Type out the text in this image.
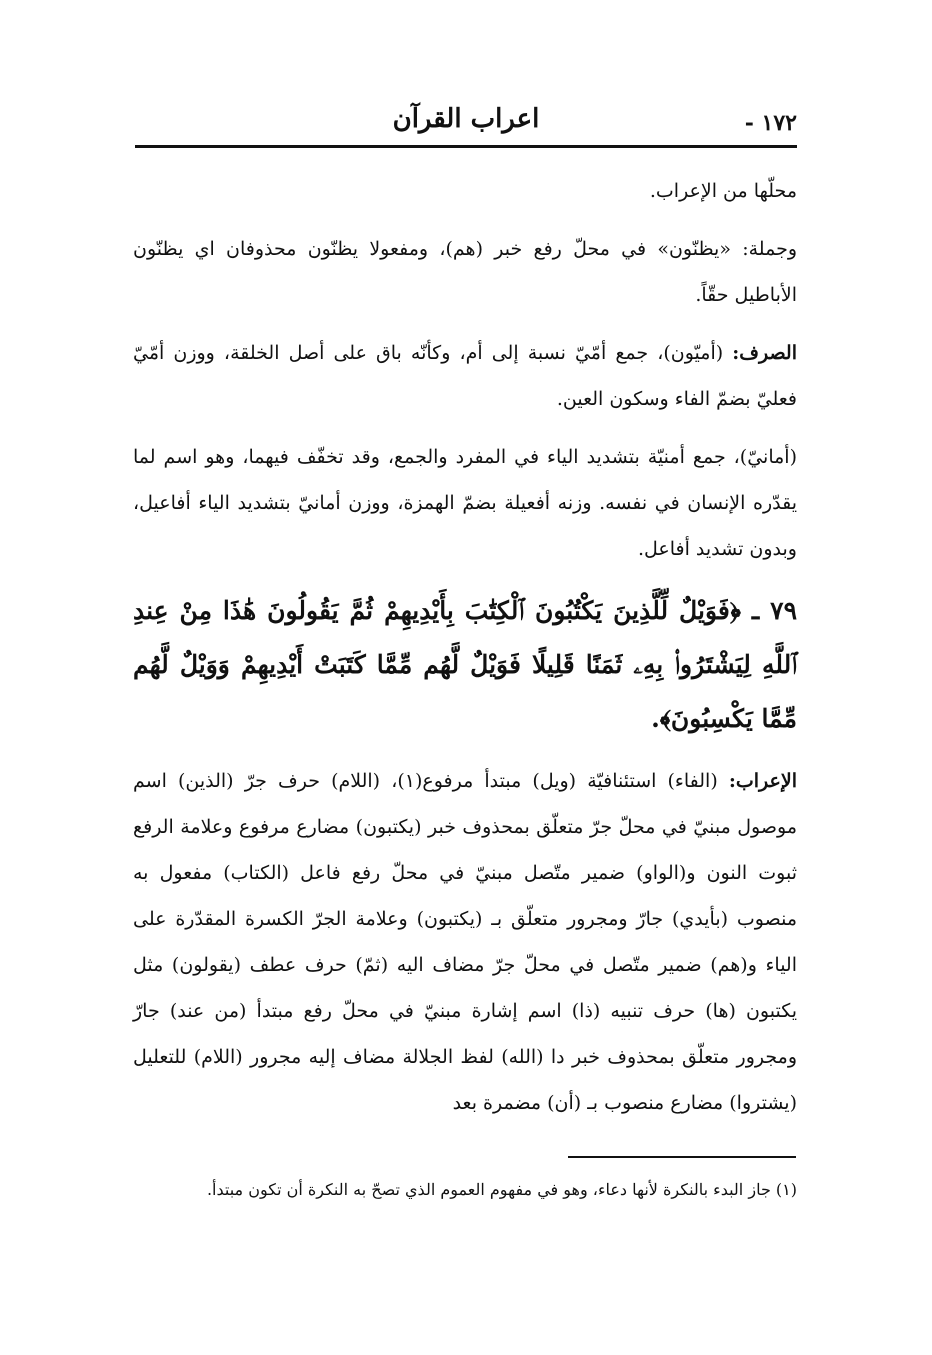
١٧٢ -
اعراب القرآن

محلّها من الإعراب.

وجملة: «يظنّون» في محلّ رفع خبر (هم)، ومفعولا يظنّون محذوفان اي يظنّون الأباطيل حقّاً.

الصرف: (أميّون)، جمع أمّيّ نسبة إلى أم، وكأنّه باق على أصل الخلقة، ووزن أمّيّ فعليّ بضمّ الفاء وسكون العين.

(أمانيّ)، جمع أمنيّة بتشديد الياء في المفرد والجمع، وقد تخفّف فيهما، وهو اسم لما يقدّره الإنسان في نفسه. وزنه أفعيلة بضمّ الهمزة، ووزن أمانيّ بتشديد الياء أفاعيل، وبدون تشديد أفاعل.

٧٩ ـ ﴿فَوَيْلٌ لِّلَّذِينَ يَكْتُبُونَ ٱلْكِتَٰبَ بِأَيْدِيهِمْ ثُمَّ يَقُولُونَ هَٰذَا مِنْ عِندِ ٱللَّهِ لِيَشْتَرُوا۟ بِهِۦ ثَمَنًا قَلِيلًا فَوَيْلٌ لَّهُم مِّمَّا كَتَبَتْ أَيْدِيهِمْ وَوَيْلٌ لَّهُم مِّمَّا يَكْسِبُونَ﴾.

الإعراب: (الفاء) استئنافيّة (ويل) مبتدأ مرفوع(١)، (اللام) حرف جرّ (الذين) اسم موصول مبنيّ في محلّ جرّ متعلّق بمحذوف خبر (يكتبون) مضارع مرفوع وعلامة الرفع ثبوت النون و(الواو) ضمير متّصل مبنيّ في محلّ رفع فاعل (الكتاب) مفعول به منصوب (بأيدي) جارّ ومجرور متعلّق بـ (يكتبون) وعلامة الجرّ الكسرة المقدّرة على الياء و(هم) ضمير متّصل في محلّ جرّ مضاف اليه (ثمّ) حرف عطف (يقولون) مثل يكتبون (ها) حرف تنبيه (ذا) اسم إشارة مبنيّ في محلّ رفع مبتدأ (من عند) جارّ ومجرور متعلّق بمحذوف خبر دا (الله) لفظ الجلالة مضاف إليه مجرور (اللام) للتعليل (يشتروا) مضارع منصوب بـ (أن) مضمرة بعد

(١) جاز البدء بالنكرة لأنها دعاء، وهو في مفهوم العموم الذي تصحّ به النكرة أن تكون مبتدأ.
